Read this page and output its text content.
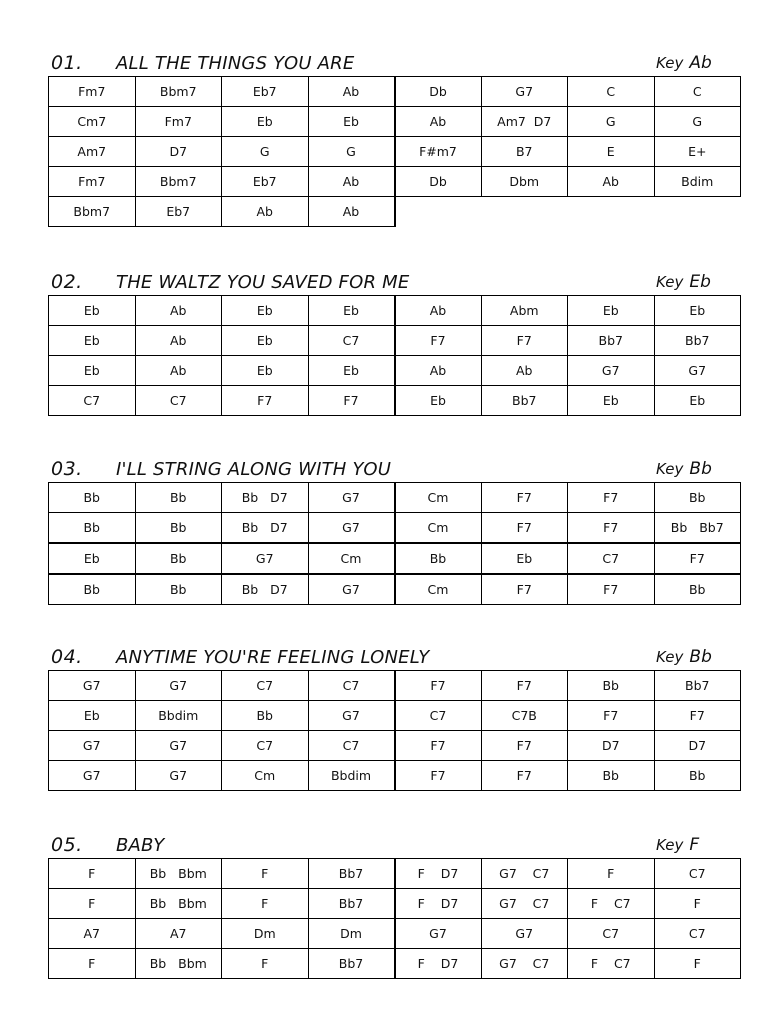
01. ALL THE THINGS YOU ARE	Key Ab
Fm7	Bbm7	Eb7	Ab	Db	G7	C	C
Cm7	Fm7	Eb	Eb	Ab	Am7  D7	G	G
Am7	D7	G	G	F#m7	B7	E	E+
Fm7	Bbm7	Eb7	Ab	Db	Dbm	Ab	Bdim
Bbm7	Eb7	Ab	Ab				
02. THE WALTZ YOU SAVED FOR ME	Key Eb
Eb	Ab	Eb	Eb	Ab	Abm	Eb	Eb
Eb	Ab	Eb	C7	F7	F7	Bb7	Bb7
Eb	Ab	Eb	Eb	Ab	Ab	G7	G7
C7	C7	F7	F7	Eb	Bb7	Eb	Eb
03. I'LL STRING ALONG WITH YOU	Key Bb
Bb	Bb	Bb   D7	G7	Cm	F7	F7	Bb
Bb	Bb	Bb   D7	G7	Cm	F7	F7	Bb   Bb7
Eb	Bb	G7	Cm	Bb	Eb	C7	F7
Bb	Bb	Bb   D7	G7	Cm	F7	F7	Bb
04. ANYTIME YOU'RE FEELING LONELY	Key Bb
G7	G7	C7	C7	F7	F7	Bb	Bb7
Eb	Bbdim	Bb	G7	C7	C7B	F7	F7
G7	G7	C7	C7	F7	F7	D7	D7
G7	G7	Cm	Bbdim	F7	F7	Bb	Bb
05. BABY	Key F
F	Bb   Bbm	F	Bb7	F    D7	G7    C7	F	C7
F	Bb   Bbm	F	Bb7	F    D7	G7    C7	F    C7	F
A7	A7	Dm	Dm	G7	G7	C7	C7
F	Bb   Bbm	F	Bb7	F    D7	G7    C7	F    C7	F
